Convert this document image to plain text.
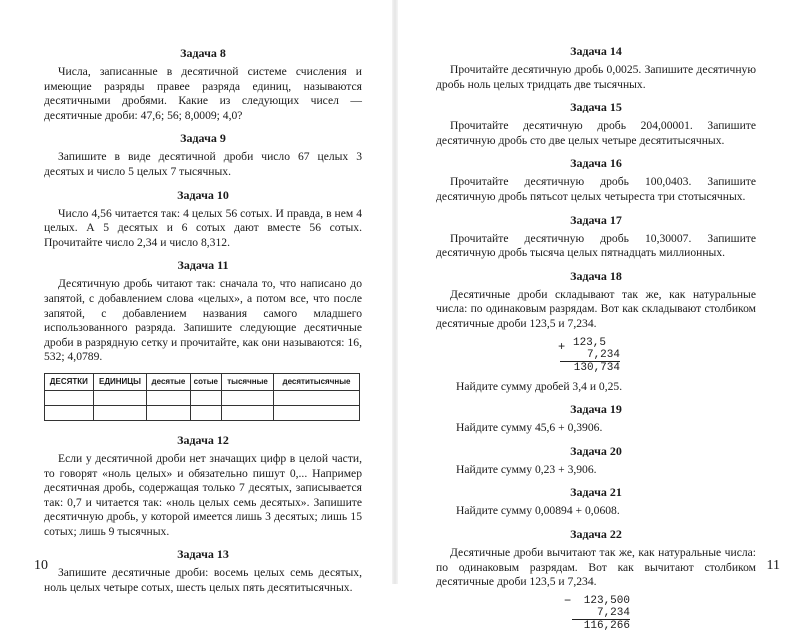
Задача 8
Числа, записанные в десятичной системе счисления и имеющие разряды правее разряда единиц, называются десятичными дробями. Какие из следующих чисел — десятичные дроби: 47,6; 56; 8,0009; 4,0?
Задача 9
Запишите в виде десятичной дроби число 67 целых 3 десятых и число 5 целых 7 тысячных.
Задача 10
Число 4,56 читается так: 4 целых 56 сотых. И правда, в нем 4 целых. А 5 десятых и 6 сотых дают вместе 56 сотых. Прочитайте число 2,34 и число 8,312.
Задача 11
Десятичную дробь читают так: сначала то, что написано до запятой, с добавлением слова «целых», а потом все, что после запятой, с добавлением названия самого младшего использованного разряда. Запишите следующие десятичные дроби в разрядную сетку и прочитайте, как они называются: 16, 532; 4,0789.
ДЕСЯТКИ	ЕДИНИЦЫ	десятые	сотые	тысячные	десятитысячные

Задача 12
Если у десятичной дроби нет значащих цифр в целой части, то говорят «ноль целых» и обязательно пишут 0,... Например десятичная дробь, содержащая только 7 десятых, записывается так: 0,7 и читается так: «ноль целых семь десятых». Запишите десятичную дробь, у которой имеется лишь 3 десятых; лишь 15 сотых; лишь 9 тысячных.
Задача 13
Запишите десятичные дроби: восемь целых семь десятых, ноль целых четыре сотых, шесть целых пять десятитысячных.
10
Задача 14
Прочитайте десятичную дробь 0,0025. Запишите десятичную дробь ноль целых тридцать две тысячных.
Задача 15
Прочитайте десятичную дробь 204,00001. Запишите десятичную дробь сто две целых четыре десятитысячных.
Задача 16
Прочитайте десятичную дробь 100,0403. Запишите десятичную дробь пятьсот целых четыреста три стотысячных.
Задача 17
Прочитайте десятичную дробь 10,30007. Запишите десятичную дробь тысяча целых пятнадцать миллионных.
Задача 18
Десятичные дроби складывают так же, как натуральные числа: по одинаковым разрядам. Вот как складывают столбиком десятичные дроби 123,5 и 7,234.
+ 123,5
7,234
130,734
Найдите сумму дробей 3,4 и 0,25.
Задача 19
Найдите сумму 45,6 + 0,3906.
Задача 20
Найдите сумму 0,23 + 3,906.
Задача 21
Найдите сумму 0,00894 + 0,0608.
Задача 22
Десятичные дроби вычитают так же, как натуральные числа: по одинаковым разрядам. Вот как вычитают столбиком десятичные дроби 123,5 и 7,234.
−	123,500
7,234
116,266
11
